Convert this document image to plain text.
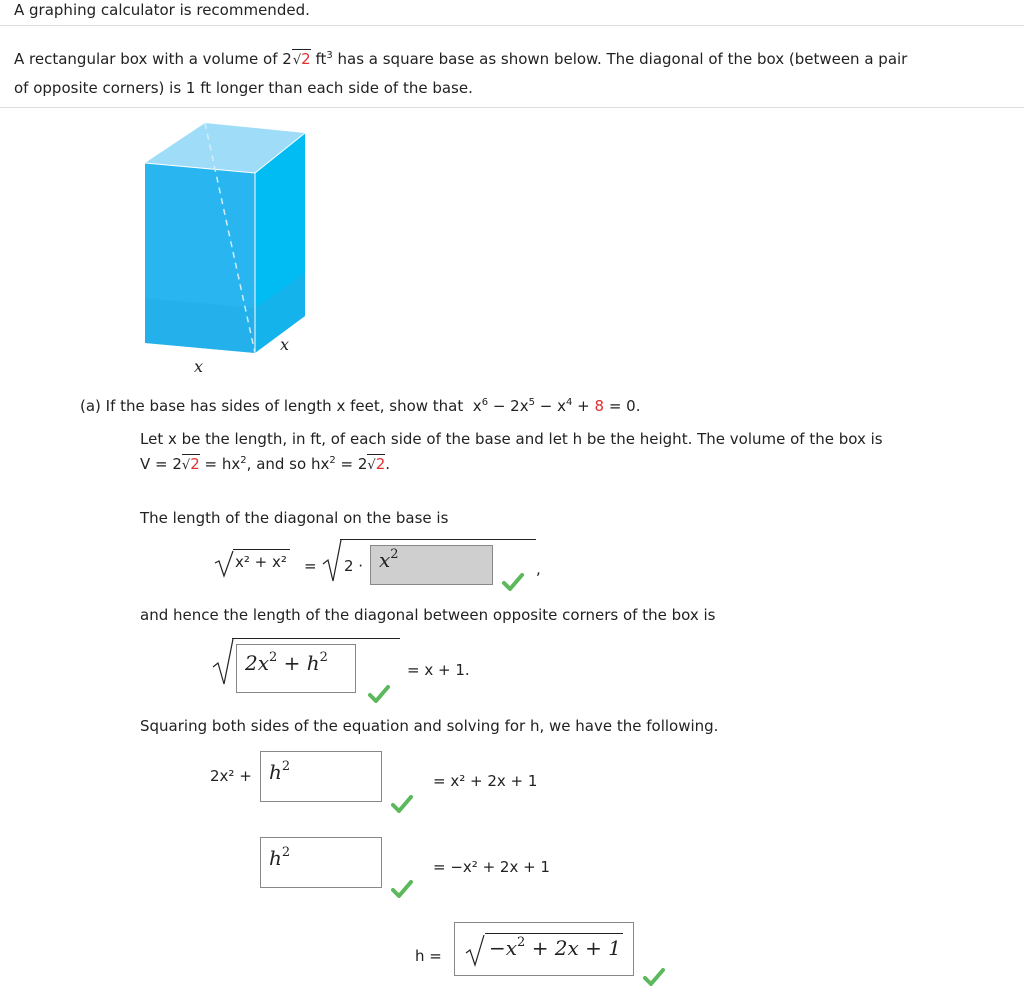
A graphing calculator is recommended.
A rectangular box with a volume of 2√2 $ft^3$ has a square base as shown below. The diagonal of the box (between a pair
of opposite corners) is 1 ft longer than each side of the base.
x
x
(a) If the base has sides of length x feet, show that $x^6 - 2x^5 - x^4 + 8 = 0$.
Let x be the length, in ft, of each side of the base and let h be the height. The volume of the box is
$V = 2√2 = hx^2$, and so $hx^2 = 2√2$.
The length of the diagonal on the base is
$x^2 + x^2 = 2 \cdot x^2$
,
and hence the length of the diagonal between opposite corners of the box is
$2x^2 + h^2$
= x + 1.
Squaring both sides of the equation and solving for h, we have the following.
$2x^2 + h^2$
= x² + 2x + 1
$h^2$
= −x² + 2x + 1
h =	$-x^2 + 2x + 1$
